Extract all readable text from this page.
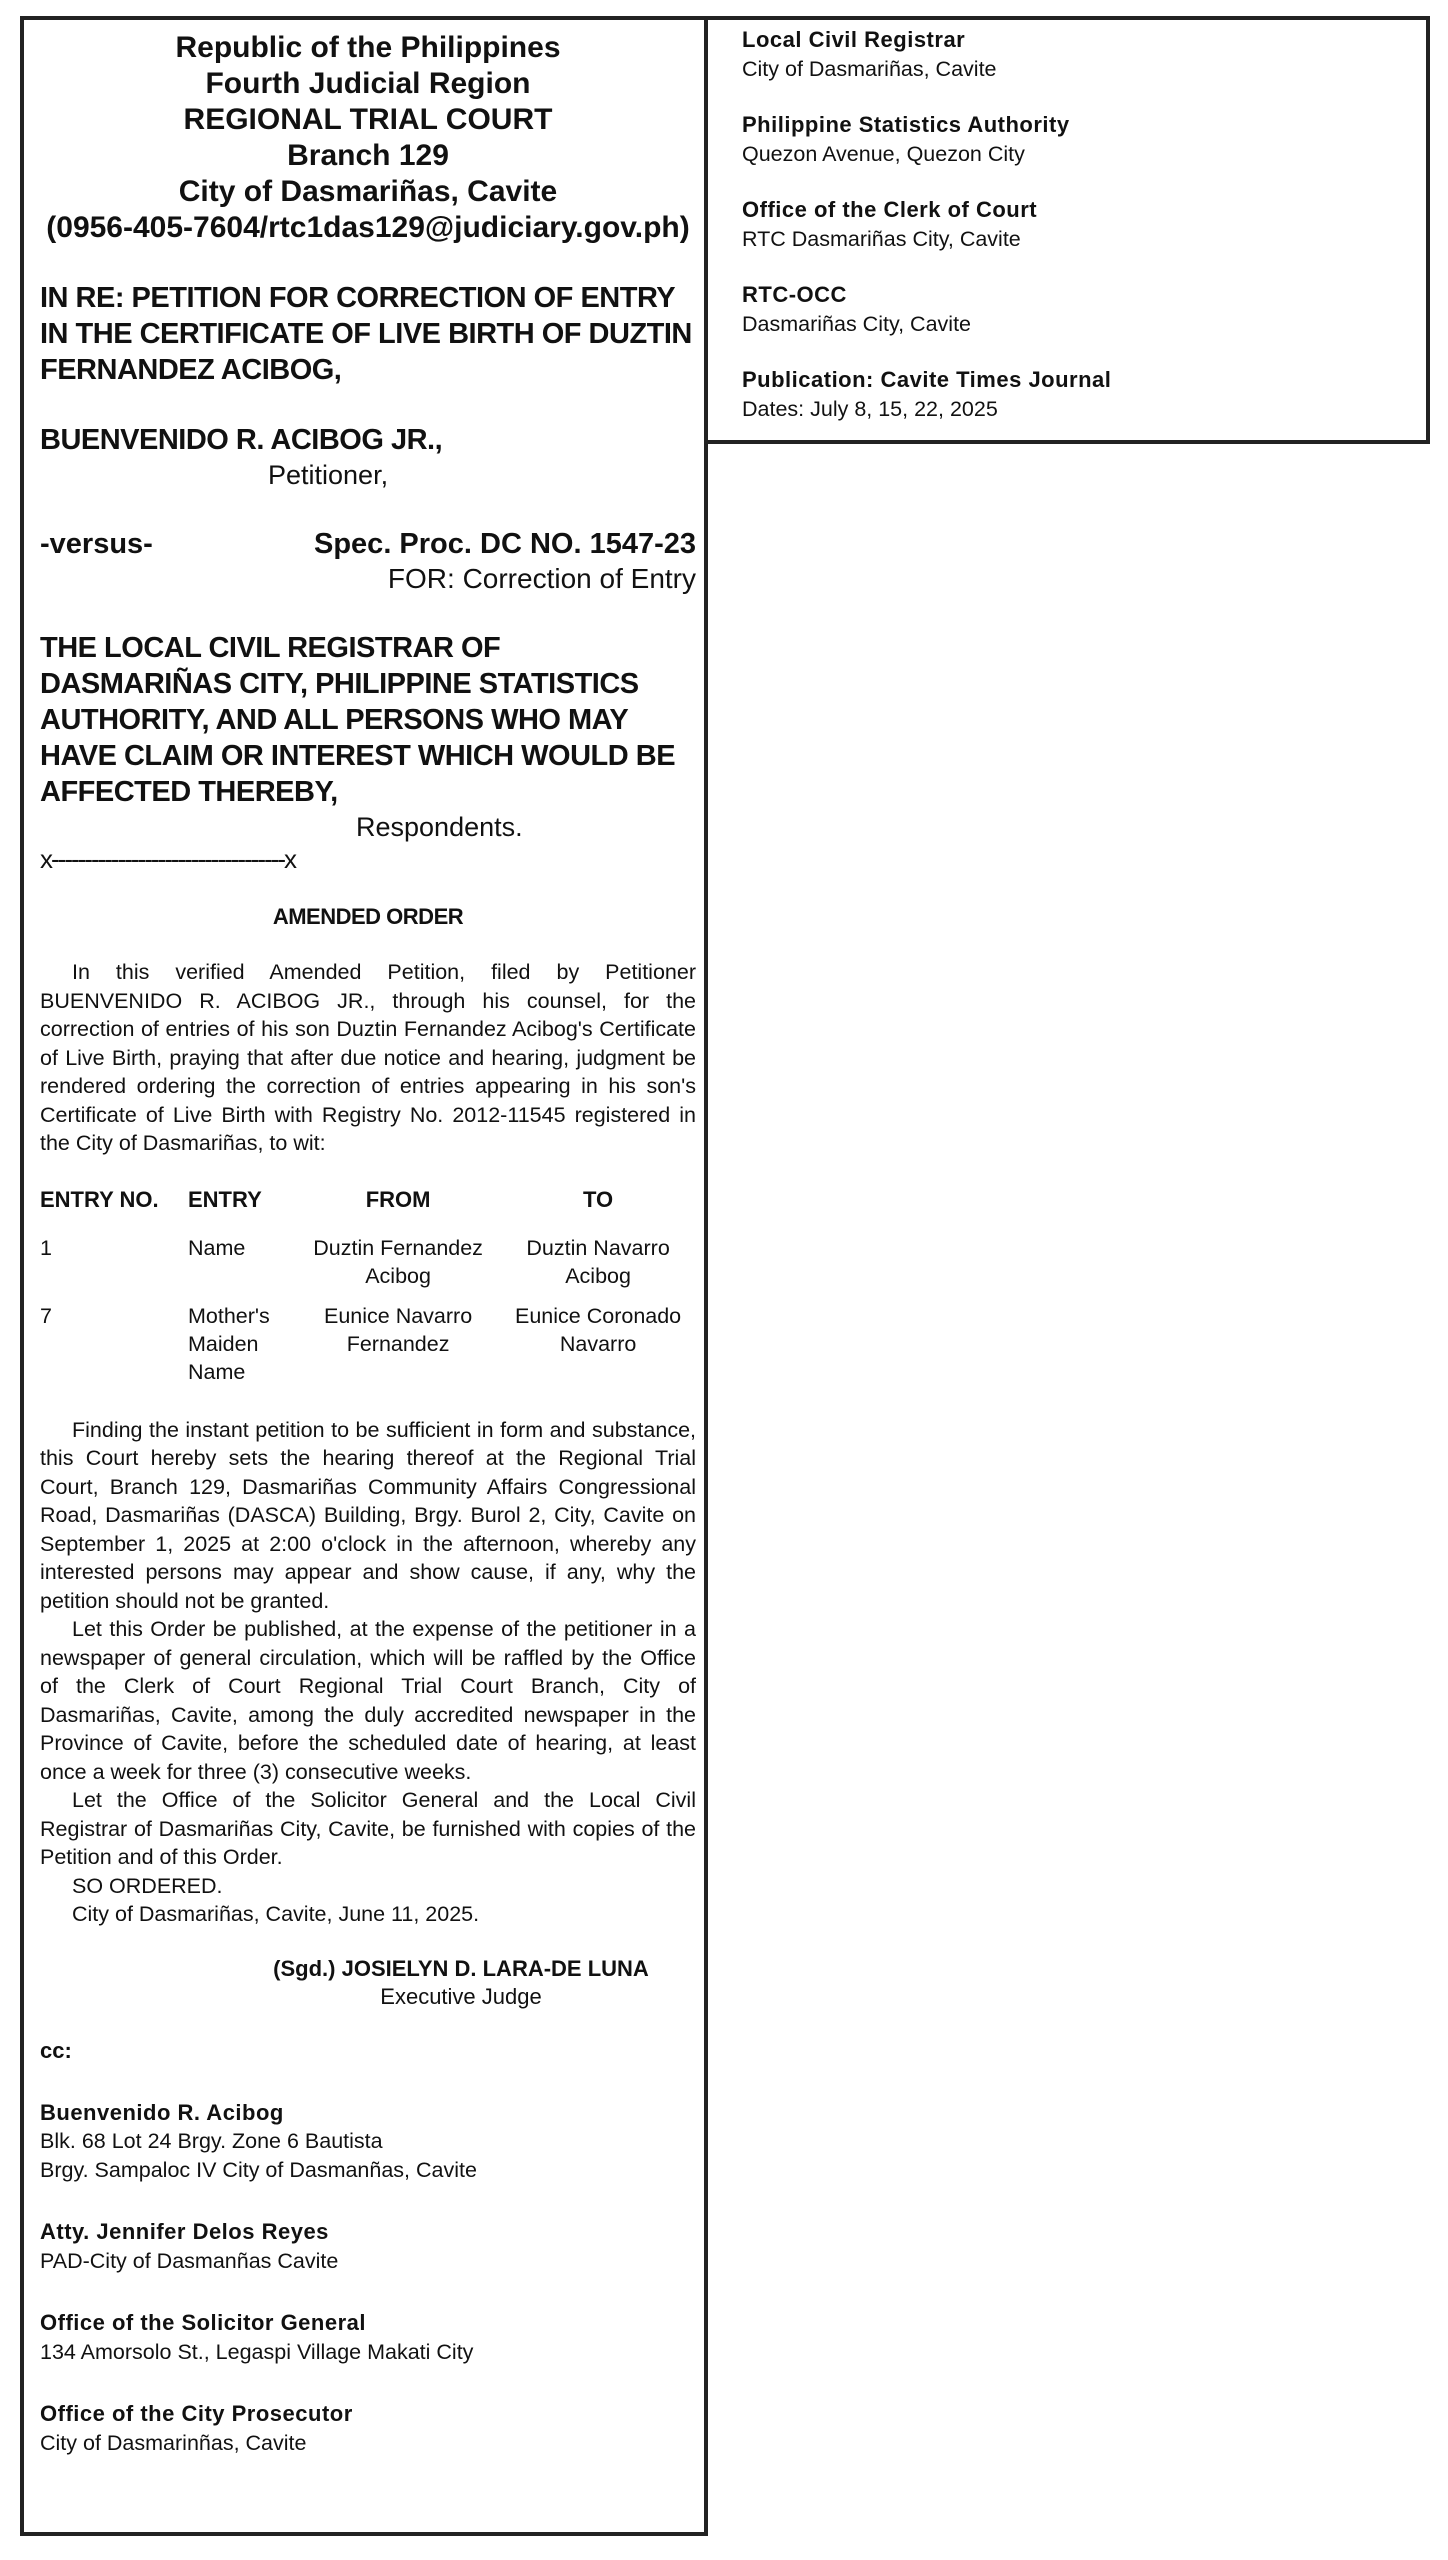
Republic of the Philippines
Fourth Judicial Region
REGIONAL TRIAL COURT
Branch 129
City of Dasmariñas, Cavite
(0956-405-7604/rtc1das129@judiciary.gov.ph)
IN RE: PETITION FOR CORRECTION OF ENTRY IN THE CERTIFICATE OF LIVE BIRTH OF DUZTIN FERNANDEZ ACIBOG,
BUENVENIDO R. ACIBOG JR.,
Petitioner,
-versus-	Spec. Proc. DC NO. 1547-23
FOR: Correction of Entry
THE LOCAL CIVIL REGISTRAR OF DASMARIÑAS CITY, PHILIPPINE STATISTICS AUTHORITY, AND ALL PERSONS WHO MAY HAVE CLAIM OR INTEREST WHICH WOULD BE AFFECTED THEREBY,
Respondents.
x-----------------------------------x
AMENDED ORDER

In this verified Amended Petition, filed by Petitioner BUENVENIDO R. ACIBOG JR., through his counsel, for the correction of entries of his son Duztin Fernandez Acibog's Certificate of Live Birth, praying that after due notice and hearing, judgment be rendered ordering the correction of entries appearing in his son's Certificate of Live Birth with Registry No. 2012-11545 registered in the City of Dasmariñas, to wit:

ENTRY NO.	ENTRY	FROM	TO
1	Name	Duztin Fernandez Acibog	Duztin Navarro Acibog
7	Mother's Maiden Name	Eunice Navarro Fernandez	Eunice Coronado Navarro

Finding the instant petition to be sufficient in form and substance, this Court hereby sets the hearing thereof at the Regional Trial Court, Branch 129, Dasmariñas Community Affairs Congressional Road, Dasmariñas (DASCA) Building, Brgy. Burol 2, City, Cavite on September 1, 2025 at 2:00 o'clock in the afternoon, whereby any interested persons may appear and show cause, if any, why the petition should not be granted.

Let this Order be published, at the expense of the petitioner in a newspaper of general circulation, which will be raffled by the Office of the Clerk of Court Regional Trial Court Branch, City of Dasmariñas, Cavite, among the duly accredited newspaper in the Province of Cavite, before the scheduled date of hearing, at least once a week for three (3) consecutive weeks.

Let the Office of the Solicitor General and the Local Civil Registrar of Dasmariñas City, Cavite, be furnished with copies of the Petition and of this Order.

SO ORDERED.
City of Dasmariñas, Cavite, June 11, 2025.
(Sgd.) JOSIELYN D. LARA-DE LUNA
Executive Judge
cc:
Buenvenido R. Acibog
Blk. 68 Lot 24 Brgy. Zone 6 Bautista
Brgy. Sampaloc IV City of Dasmanñas, Cavite
Atty. Jennifer Delos Reyes
PAD-City of Dasmanñas Cavite
Office of the Solicitor General
134 Amorsolo St., Legaspi Village Makati City
Office of the City Prosecutor
City of Dasmarinñas, Cavite
Local Civil Registrar
City of Dasmariñas, Cavite
Philippine Statistics Authority
Quezon Avenue, Quezon City
Office of the Clerk of Court
RTC Dasmariñas City, Cavite
RTC-OCC
Dasmariñas City, Cavite
Publication: Cavite Times Journal
Dates: July 8, 15, 22, 2025
